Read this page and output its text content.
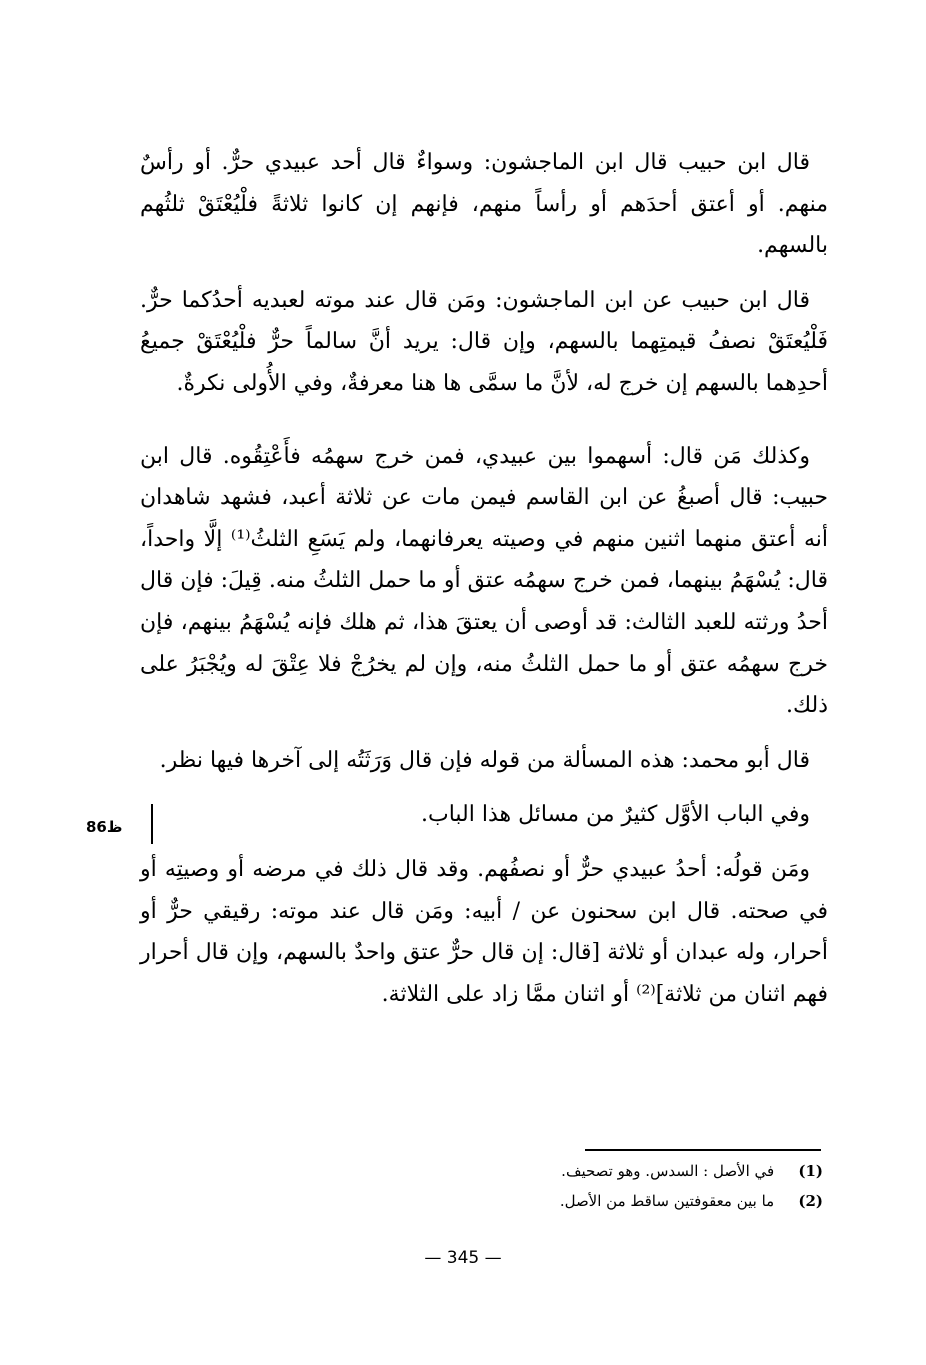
قال ابن حبيب قال ابن الماجشون: وسواءٌ قال أحد عبيدي حرٌّ. أو رأسٌ منهم. أو أعتق أحدَهم أو رأساً منهم، فإنهم إن كانوا ثلاثةً فلْيُعْتَقْ ثلثُهم بالسهم.

قال ابن حبيب عن ابن الماجشون: ومَن قال عند موته لعبديه أحدُكما حرٌّ. فَلْيُعتَقْ نصفُ قيمتِهما بالسهم، وإن قال: يريد أنَّ سالماً حرٌّ فلْيُعْتَقْ جميعُ أحدِهما بالسهم إن خرج له، لأنَّ ما سمَّى ها هنا معرفةٌ، وفي الأُولى نكرةٌ.

وكذلك مَن قال: أسهموا بين عبيدي، فمن خرج سهمُه فأَعْتِقُوه. قال ابن حبيب: قال أصبغُ عن ابن القاسم فيمن مات عن ثلاثة أعبد، فشهد شاهدان أنه أعتق منهما اثنين منهم في وصيته يعرفانهما، ولم يَسَعِ الثلثُ⁽¹⁾ إلَّا واحداً، قال: يُسْهَمُ بينهما، فمن خرج سهمُه عتق أو ما حمل الثلثُ منه. قِيلَ: فإن قال أحدُ ورثته للعبد الثالث: قد أوصى أن يعتقَ هذا، ثم هلك فإنه يُسْهَمُ بينهم، فإن خرج سهمُه عتق أو ما حمل الثلثُ منه، وإن لم يخرُجْ فلا عِتْقَ له ويُجْبَرُ على ذلك.

قال أبو محمد: هذه المسألة من قوله فإن قال وَرَثَتُه إلى آخرها فيها نظر.

وفي الباب الأوَّل كثيرٌ من مسائل هذا الباب.

ومَن قولُه: أحدُ عبيدي حرٌّ أو نصفُهم. وقد قال ذلك في مرضه أو وصيتِه أو في صحته. قال ابن سحنون عن / أبيه: ومَن قال عند موته: رقيقي حرٌّ أو أحرار، وله عبدان أو ثلاثة [قال: إن قال حرٌّ عتق واحدٌ بالسهم، وإن قال أحرار فهم اثنان من ثلاثة]⁽²⁾ أو اثنان ممَّا زاد على الثلاثة.

ظ86
(1) في الأصل : السدس. وهو تصحيف.
(2) ما بين معقوفتين ساقط من الأصل.
— 345 —
